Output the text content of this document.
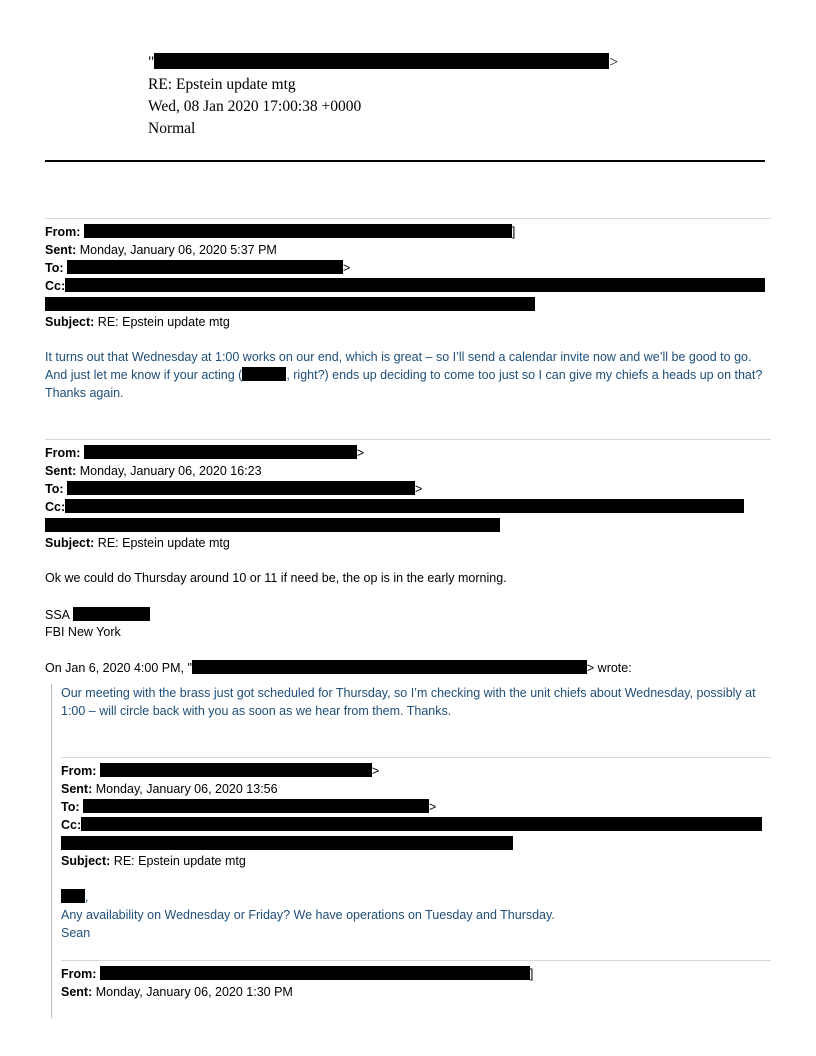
"	>
RE: Epstein update mtg
Wed, 08 Jan 2020 17:00:38 +0000
Normal
From:	]
Sent: Monday, January 06, 2020 5:37 PM
To:	>
Cc:
Subject: RE: Epstein update mtg
It turns out that Wednesday at 1:00 works on our end, which is great – so I’ll send a calendar invite now and we’ll be good to go. And just let me know if your acting (	, right?) ends up deciding to come too just so I can give my chiefs a heads up on that? Thanks again.
From:	>
Sent: Monday, January 06, 2020 16:23
To:	>
Cc:
Subject: RE: Epstein update mtg
Ok we could do Thursday around 10 or 11 if need be, the op is in the early morning.
SSA
FBI New York
On Jan 6, 2020 4:00 PM, "	> wrote:
Our meeting with the brass just got scheduled for Thursday, so I’m checking with the unit chiefs about Wednesday, possibly at 1:00 – will circle back with you as soon as we hear from them. Thanks.
From:	>
Sent: Monday, January 06, 2020 13:56
To:	>
Cc:
Subject: RE: Epstein update mtg
,
Any availability on Wednesday or Friday? We have operations on Tuesday and Thursday.
Sean
From:	]
Sent: Monday, January 06, 2020 1:30 PM
